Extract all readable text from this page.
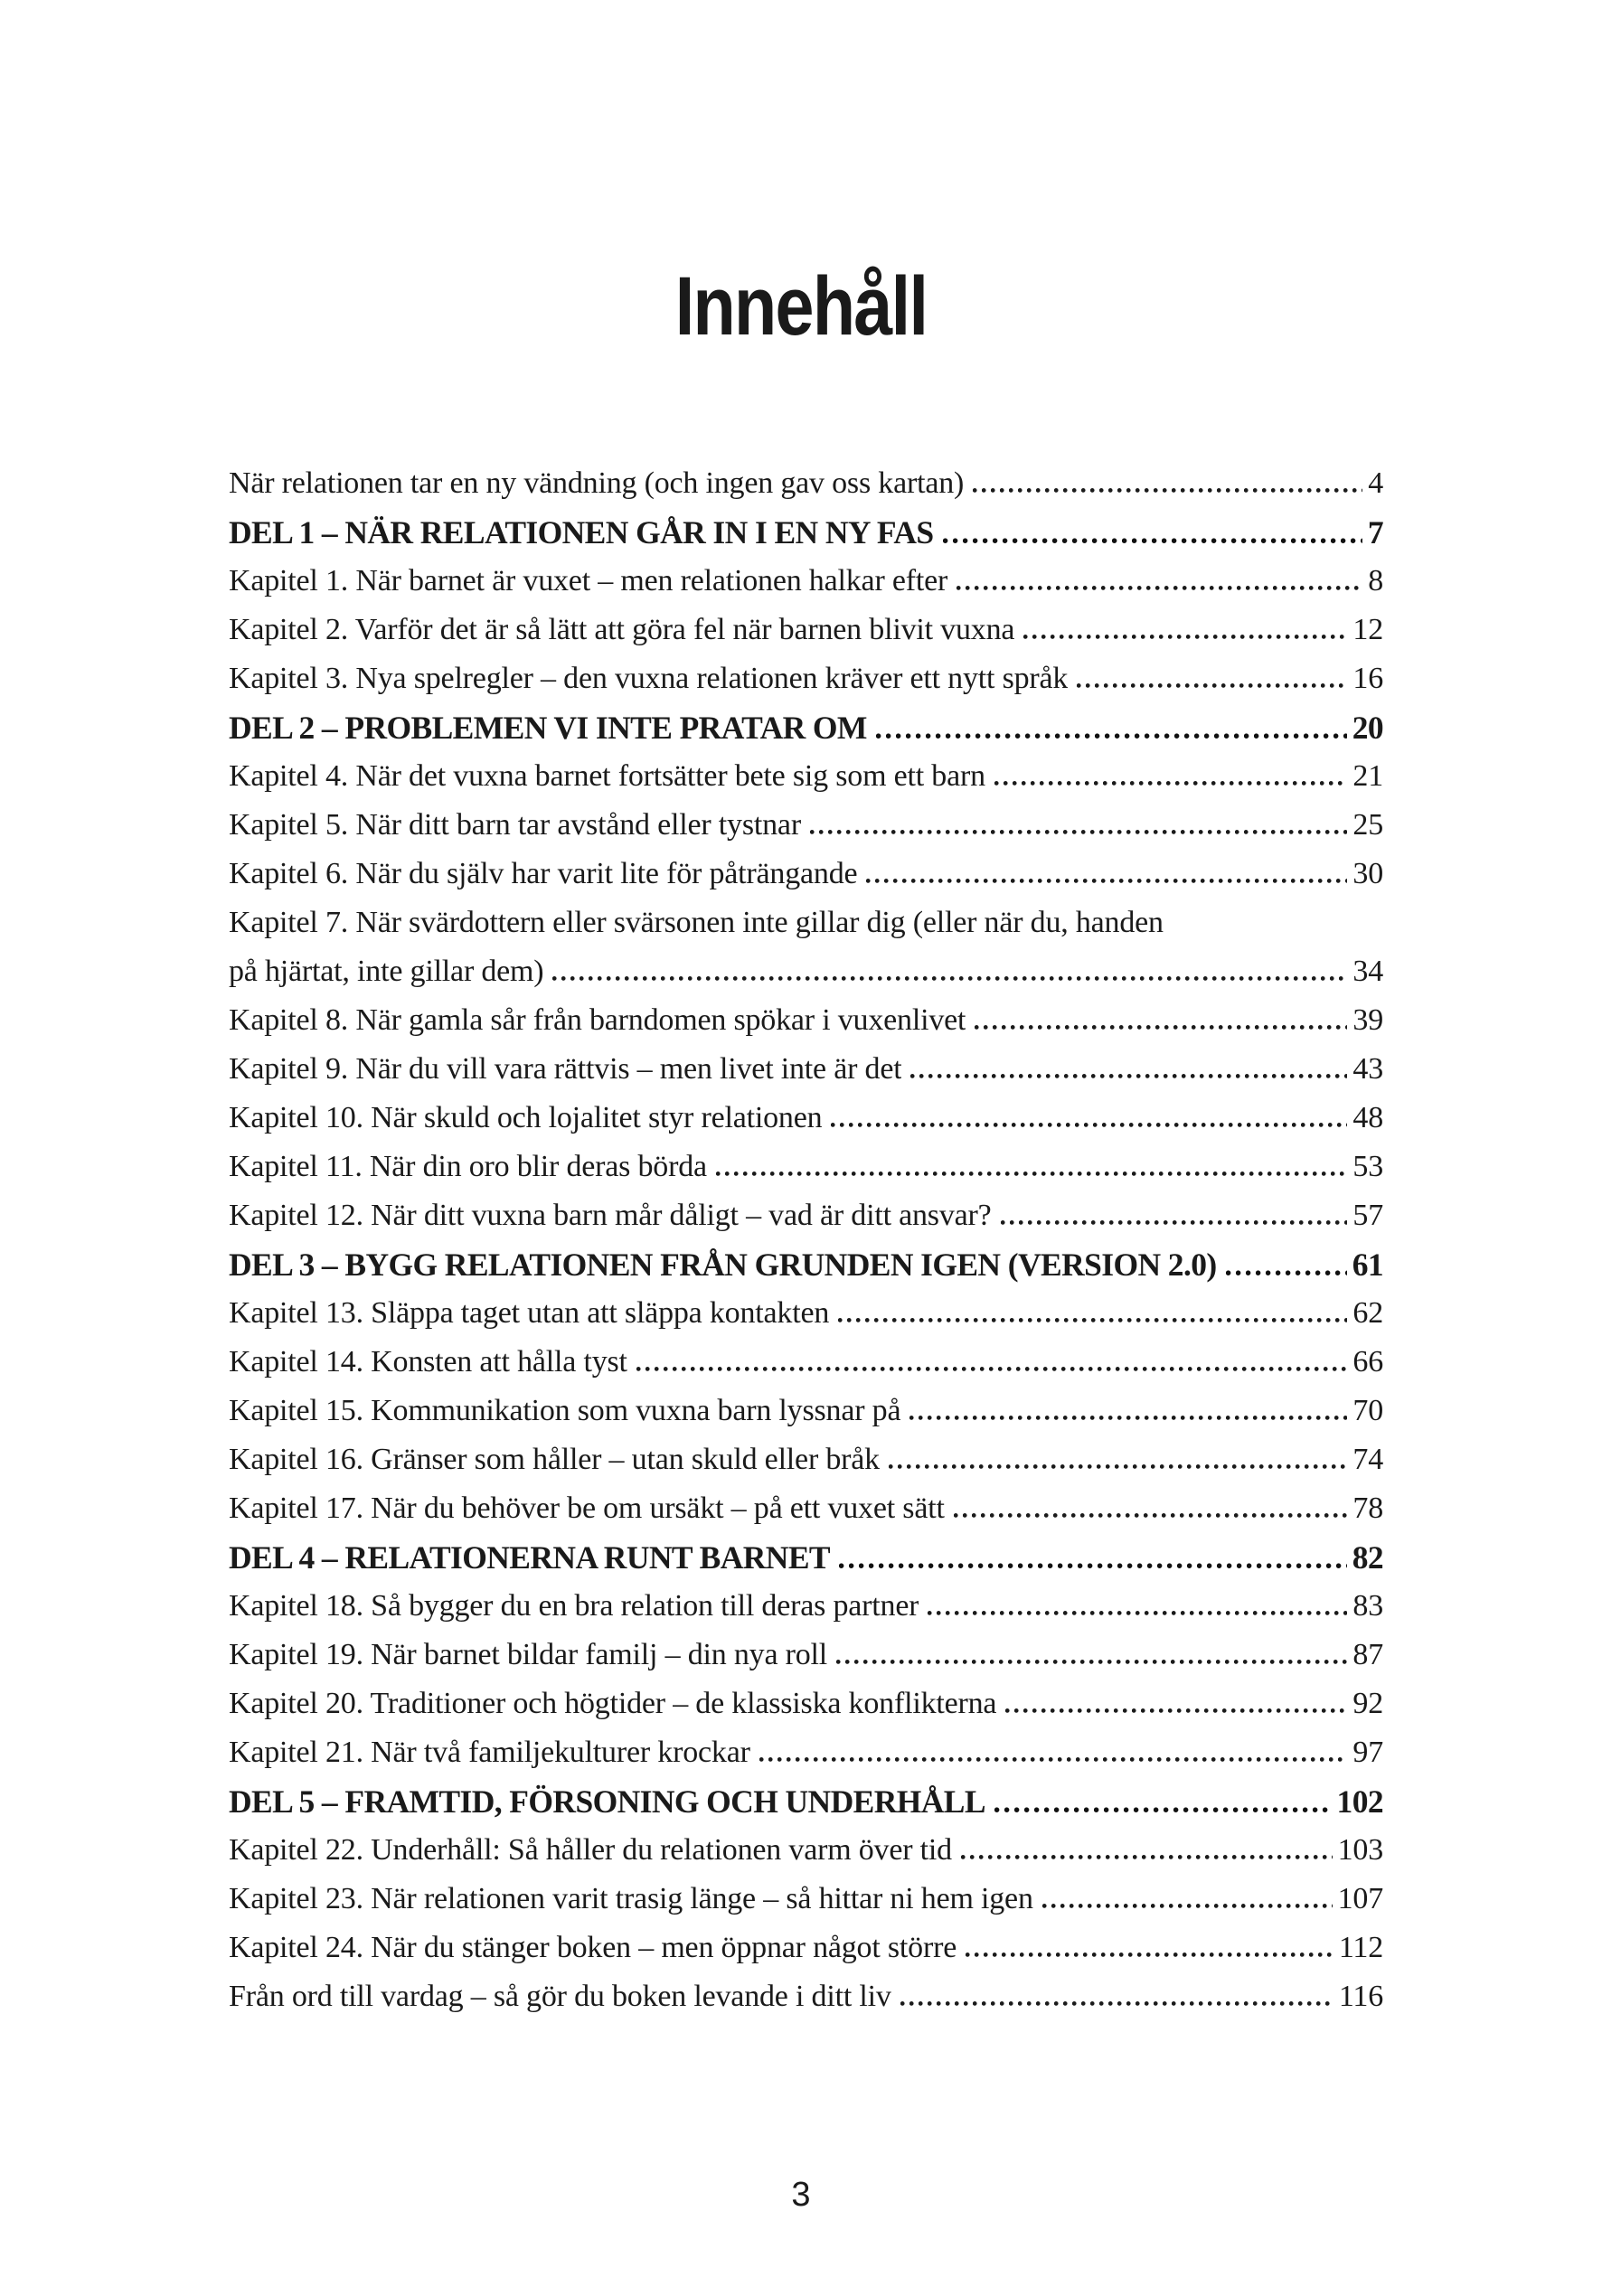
Innehåll
När relationen tar en ny vändning (och ingen gav oss kartan)	4
DEL 1 – NÄR RELATIONEN GÅR IN I EN NY FAS	7
Kapitel 1. När barnet är vuxet – men relationen halkar efter	8
Kapitel 2. Varför det är så lätt att göra fel när barnen blivit vuxna	12
Kapitel 3. Nya spelregler – den vuxna relationen kräver ett nytt språk	16
DEL 2 – PROBLEMEN VI INTE PRATAR OM	20
Kapitel 4. När det vuxna barnet fortsätter bete sig som ett barn	21
Kapitel 5. När ditt barn tar avstånd eller tystnar	25
Kapitel 6. När du själv har varit lite för påträngande	30
Kapitel 7. När svärdottern eller svärsonen inte gillar dig (eller när du, handen
på hjärtat, inte gillar dem)	34
Kapitel 8. När gamla sår från barndomen spökar i vuxenlivet	39
Kapitel 9. När du vill vara rättvis – men livet inte är det	43
Kapitel 10. När skuld och lojalitet styr relationen	48
Kapitel 11. När din oro blir deras börda	53
Kapitel 12. När ditt vuxna barn mår dåligt – vad är ditt ansvar?	57
DEL 3 – BYGG RELATIONEN FRÅN GRUNDEN IGEN (VERSION 2.0)	61
Kapitel 13. Släppa taget utan att släppa kontakten	62
Kapitel 14. Konsten att hålla tyst	66
Kapitel 15. Kommunikation som vuxna barn lyssnar på	70
Kapitel 16. Gränser som håller – utan skuld eller bråk	74
Kapitel 17. När du behöver be om ursäkt – på ett vuxet sätt	78
DEL 4 – RELATIONERNA RUNT BARNET	82
Kapitel 18. Så bygger du en bra relation till deras partner	83
Kapitel 19. När barnet bildar familj – din nya roll	87
Kapitel 20. Traditioner och högtider – de klassiska konflikterna	92
Kapitel 21. När två familjekulturer krockar	97
DEL 5 – FRAMTID, FÖRSONING OCH UNDERHÅLL	102
Kapitel 22. Underhåll: Så håller du relationen varm över tid	103
Kapitel 23. När relationen varit trasig länge – så hittar ni hem igen	107
Kapitel 24. När du stänger boken – men öppnar något större	112
Från ord till vardag – så gör du boken levande i ditt liv	116
3
